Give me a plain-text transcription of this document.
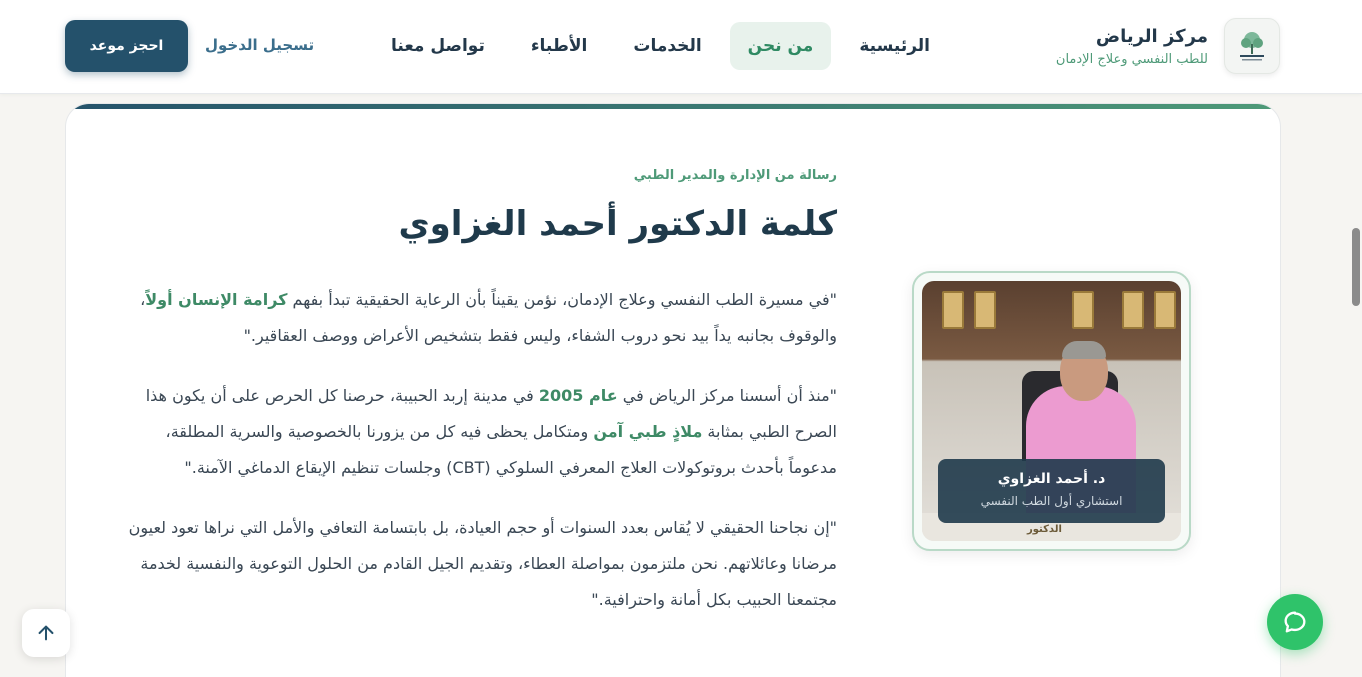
مركز الرياض
للطب النفسي وعلاج الإدمان
الرئيسية
من نحن
الخدمات
الأطباء
تواصل معنا
تسجيل الدخول
احجز موعد
رسالة من الإدارة والمدير الطبي
كلمة الدكتور أحمد الغزاوي

"في مسيرة الطب النفسي وعلاج الإدمان، نؤمن يقيناً بأن الرعاية الحقيقية تبدأ بفهم كرامة الإنسان أولاً، والوقوف بجانبه يداً بيد نحو دروب الشفاء، وليس فقط بتشخيص الأعراض ووصف العقاقير."

"منذ أن أسسنا مركز الرياض في عام 2005 في مدينة إربد الحبيبة، حرصنا كل الحرص على أن يكون هذا الصرح الطبي بمثابة ملاذٍ طبي آمن ومتكامل يحظى فيه كل من يزورنا بالخصوصية والسرية المطلقة، مدعوماً بأحدث بروتوكولات العلاج المعرفي السلوكي (CBT) وجلسات تنظيم الإيقاع الدماغي الآمنة."

"إن نجاحنا الحقيقي لا يُقاس بعدد السنوات أو حجم العيادة، بل بابتسامة التعافي والأمل التي نراها تعود لعيون مرضانا وعائلاتهم. نحن ملتزمون بمواصلة العطاء، وتقديم الجيل القادم من الحلول التوعوية والنفسية لخدمة مجتمعنا الحبيب بكل أمانة واحترافية."

الدكتور
د. أحمد الغزاوي
استشاري أول الطب النفسي
